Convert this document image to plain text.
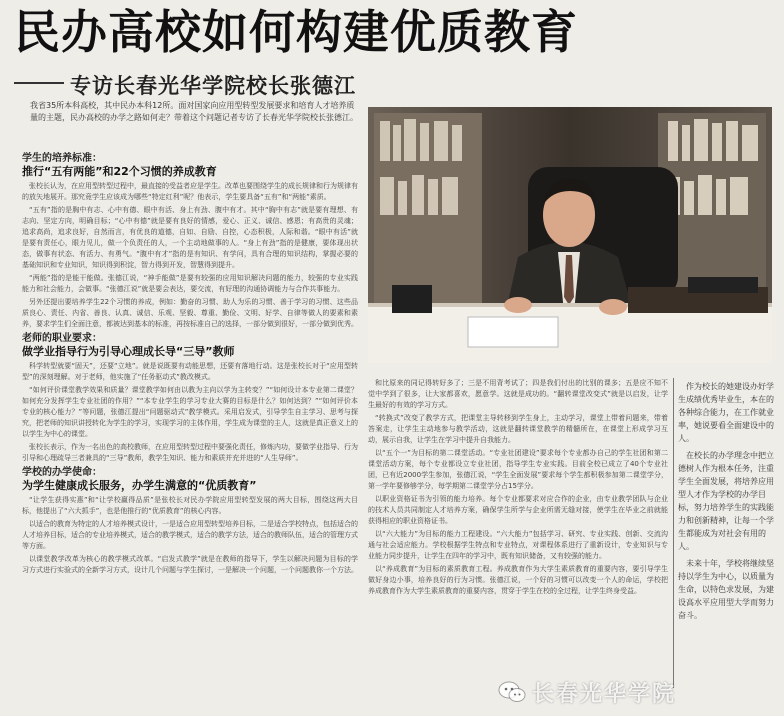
民办高校如何构建优质教育
专访长春光华学院校长张德江
我省35所本科高校，其中民办本科12所。面对国家向应用型转型发展要求和培育人才培养质量的主题，民办高校的办学之路如何走？带着这个问题记者专访了长春光华学院校长张德江。
学生的培养标准：
推行“五有两能”和22个习惯的养成教育

张校长认为，在应用型转型过程中，最直接的受益者应是学生。改革也要围绕学生的成长规律和行为规律有的放矢地展开。那究竟学生应该成为哪些“特定红利”呢？他表示，学生要具备“五有”和“两能”素质。

“五有”指的是胸中有志、心中有德、眼中有活、身上有劲、腹中有才。其中“胸中有志”就是要有理想、有志向、坚定方向，明确目标；“心中有德”就是要有良好的情感，爱心、正义、诚信、感恩；有高贵的灵魂；追求高尚，追求良好，自然而言，有优良的道德，自如、自励、自控，心态积极，人际和谐。“眼中有活”就是要有责任心，眼力见儿，做一个负责任的人，一个主动地做事的人。“身上有劲”指的是健康，要体现出状态，做事有状态、有活力、有勇气。“腹中有才”指的是有知识、有学问，具有合理的知识结构，掌握必要的基础知识和专业知识，知识得到积淀，智力得到开发，智慧得到提升。

“两能”指的是能干能做。张德江说，“神手能做”是要有较强的应用知识解决问题的能力，较强的专业实践能力和社会能力，会做事。“张德江说”就是要会表达，要交流，有好理的沟通协调能力与合作共事能力。

另外还提出要培养学生22个习惯的养成，例如：勤奋的习惯、助人为乐的习惯、善于学习的习惯、这些品质良心、责任、内省、善良、认真、诚信、乐观、坚毅、尊重、勤俭、文明、好学、自律等做人的要素和素养，要求学生们全面注意，都被达到基本的标准，再按标准自己的选择，一部分做到很好，一部分做到优秀。

老师的职业要求：
做学业指导行为引导心理成长导“三导”教师

科学转型就要“固天”，还要“立地”。就是说既要有动能思想，还要有落地行动。这是张校长对于“应用型转型”的深刻理解。对于老师，他实施了“任务驱动式”教改模式。

“如何评价课堂教学效果和质量？课堂教学如何由以教为主向以学为主转变？”“如何设计本专业第二课堂？如何充分发挥学生专业社团的作用？”“本专业学生的学习专业大赛的目标是什么？如何达到？”“如何评价本专业的核心能力？”等问题，张德江提出“问题驱动式”教学模式。采用启发式，引导学生自主学习、思考与探究，把老师的知识讲授转化为学生的学习，实现学习的主体作用，学生成为课堂的主人，这就是真正意义上的以学生为中心的课堂。

张校长表示，作为一名出色的高校教师，在应用型转型过程中要强化责任，修炼内功，要做学业指导、行为引导和心理疏导三者兼具的“三导”教师，教学生知识、能力和素质并充并进的“人生导师”。

学校的办学使命：
为学生健康成长服务，办学生满意的“优质教育”

“让学生获得实惠”和“让学校赢得品质”是张校长对民办学院应用型转型发展的两大目标，围绕这两大目标，他提出了“六大抓手”，也是他推行的“优质教育”的核心内容。

以适合的教育为特定的人才培养模式设计，一是适合应用型转型培养目标，二是适合学校特点，包括适合的人才培养目标，适合的专业培养模式，适合的教学模式，适合的教学方法，适合的教师队伍，适合的管理方式等方面。

以课堂教学改革为核心的教学模式改革。“启发式教学”就是在教师的指导下，学生以解决问题为目标的学习方式进行实验式的全新学习方式，设计几个问题与学生探讨，一是解决一个问题，一个问题教你一个方法。

和比原来的同记得转好多了；三是不用背考试了；四是我们付出的比别的课多；五是应不知不觉中学到了很多，让大家都喜欢，愿意学。这就是成功的。“翻转课堂改变式”就是以启发，让学生最好的有效的学习方式。

“转换式”改变了教学方式，把课堂主导转移到学生身上，主动学习，课堂上带着问题来，带着答案走，让学生主动地参与教学活动，这就是翻转课堂教学的精髓所在，在课堂上形成学习互动，展示自我，让学生在学习中提升自我能力。

以“五个一”为目标的第二课堂活动。“专业社团建设”要求每个专业都办自己的学生社团和第二课堂活动方案，每个专业都设立专业社团，指导学生专业实践。目前全校已成立了40个专业社团，已有近2000学生参加，张德江说，“学生全面发展”要求每个学生都积极参加第二课堂学分，第一学年要修够学分，每学期第二课堂学分占15学分。

以职业资格证书为引领的能力培养。每个专业都要求对应合作的企业，由专业教学团队与企业的技术人员共同制定人才培养方案，确保学生所学与企业所需无缝对接，使学生在毕业之前就能获得相应的职业资格证书。

以“六大能力”为目标的能力工程建设。“六大能力”包括学习、研究、专业实践、创新、交流沟通与社会适应能力。学校根据学生特点和专业特点，对课程体系进行了重新设计，专业知识与专业能力同步提升，让学生在四年的学习中，既有知识储备，又有较强的能力。

以“养成教育”为目标的素质教育工程。养成教育作为大学生素质教育的重要内容，要引导学生做好身边小事，培养良好的行为习惯。张德江说，一个好的习惯可以改变一个人的命运，学校把养成教育作为大学生素质教育的重要内容，贯穿于学生在校的全过程，让学生终身受益。

作为校长的她建设办好学生成绩优秀毕业生，本在的各种综合能力，在工作就业率，她说要看全面建设中的人。

在校长的办学理念中把立德树人作为根本任务，注重学生全面发展，将培养应用型人才作为学校的办学目标，努力培养学生的实践能力和创新精神，让每一个学生都能成为对社会有用的人。

未来十年，学校将继续坚持以学生为中心，以质量为生命，以特色求发展，为建设高水平应用型大学而努力奋斗。

长春光华学院
